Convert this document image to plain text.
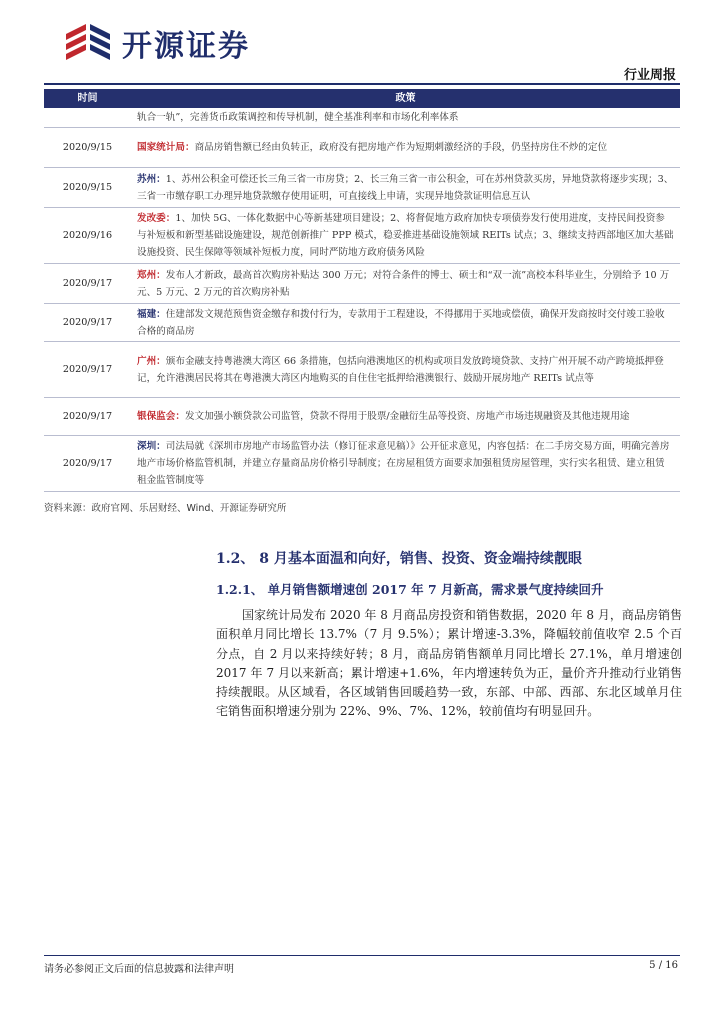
开源证券
行业周报
时间	政策
	轨合一轨”，完善货币政策调控和传导机制，健全基准利率和市场化利率体系
2020/9/15	国家统计局：商品房销售额已经由负转正，政府没有把房地产作为短期刺激经济的手段，仍坚持房住不炒的定位
2020/9/15	苏州：1、苏州公积金可偿还长三角三省一市房贷；2、长三角三省一市公积金，可在苏州贷款买房，异地贷款将逐步实现；3、三省一市缴存职工办理异地贷款缴存使用证明，可直接线上申请，实现异地贷款证明信息互认
2020/9/16	发改委：1、加快 5G、一体化数据中心等新基建项目建设；2、将督促地方政府加快专项债券发行使用进度，支持民间投资参与补短板和新型基础设施建设，规范创新推广 PPP 模式，稳妥推进基础设施领域 REITs 试点；3、继续支持西部地区加大基础设施投资、民生保障等领域补短板力度，同时严防地方政府债务风险
2020/9/17	郑州：发布人才新政，最高首次购房补贴达 300 万元；对符合条件的博士、硕士和“双一流”高校本科毕业生，分别给予 10 万元、5 万元、2 万元的首次购房补贴
2020/9/17	福建：住建部发文规范预售资金缴存和拨付行为，专款用于工程建设，不得挪用于买地或偿债，确保开发商按时交付竣工验收合格的商品房
2020/9/17	广州：颁布金融支持粤港澳大湾区 66 条措施，包括向港澳地区的机构或项目发放跨境贷款、支持广州开展不动产跨境抵押登记，允许港澳居民将其在粤港澳大湾区内地购买的自住住宅抵押给港澳银行、鼓励开展房地产 REITs 试点等
2020/9/17	银保监会：发文加强小额贷款公司监管，贷款不得用于股票/金融衍生品等投资、房地产市场违规融资及其他违规用途
2020/9/17	深圳：司法局就《深圳市房地产市场监管办法（修订征求意见稿）》公开征求意见，内容包括：在二手房交易方面，明确完善房地产市场价格监管机制，并建立存量商品房价格引导制度；在房屋租赁方面要求加强租赁房屋管理，实行实名租赁、建立租赁租金监管制度等
资料来源：政府官网、乐居财经、Wind、开源证券研究所
1.2、 8 月基本面温和向好，销售、投资、资金端持续靓眼
1.2.1、 单月销售额增速创 2017 年 7 月新高，需求景气度持续回升

国家统计局发布 2020 年 8 月商品房投资和销售数据，2020 年 8 月，商品房销售面积单月同比增长 13.7%（7 月 9.5%）；累计增速-3.3%，降幅较前值收窄 2.5 个百分点，自 2 月以来持续好转；8 月，商品房销售额单月同比增长 27.1%，单月增速创 2017 年 7 月以来新高；累计增速+1.6%，年内增速转负为正，量价齐升推动行业销售持续靓眼。从区域看，各区域销售回暖趋势一致，东部、中部、西部、东北区域单月住宅销售面积增速分别为 22%、9%、7%、12%，较前值均有明显回升。

请务必参阅正文后面的信息披露和法律声明	5 / 16
